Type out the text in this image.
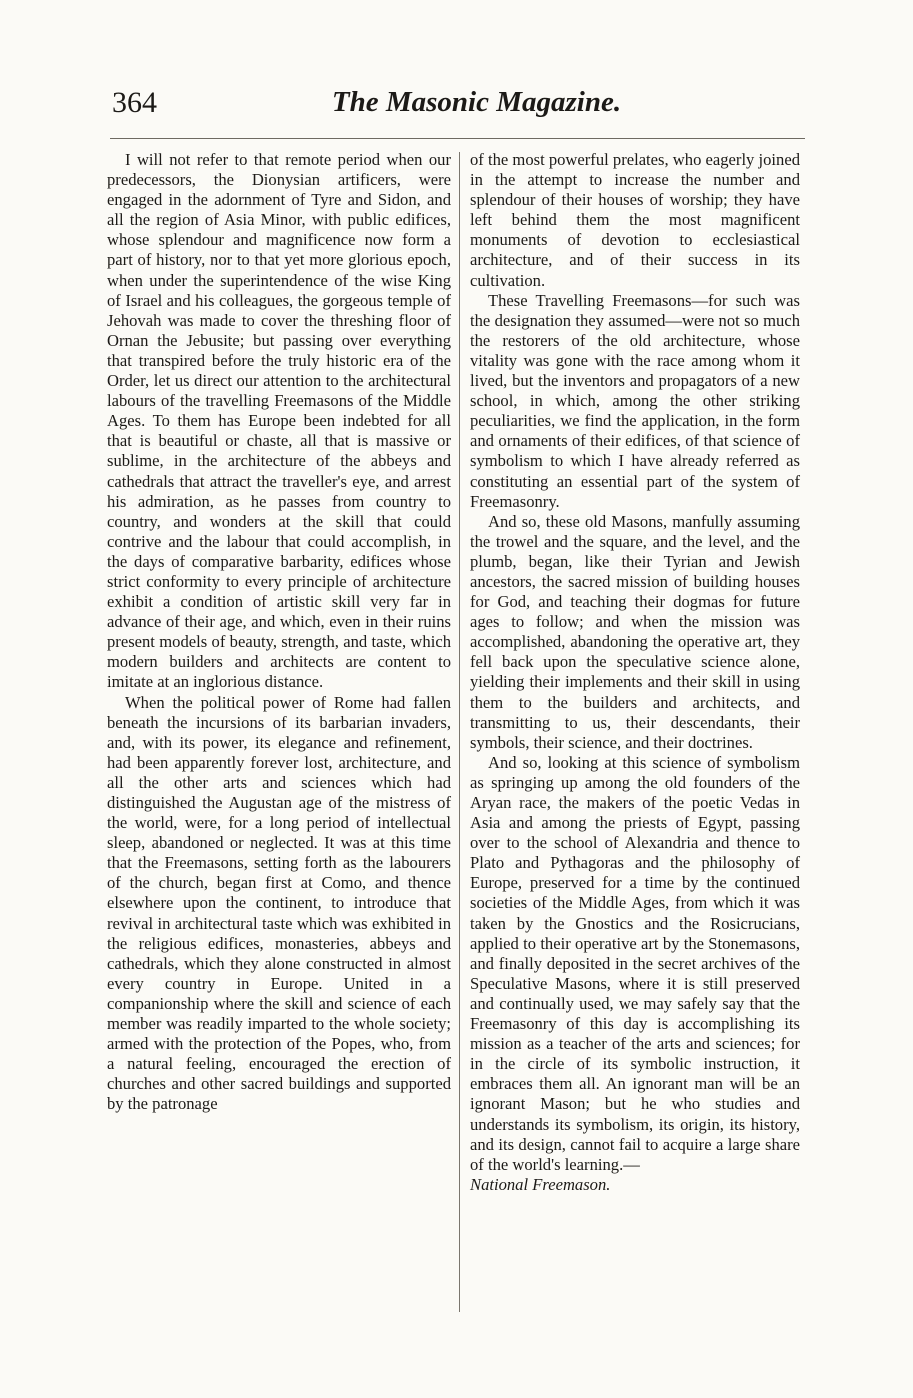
364	The Masonic Magazine.

I will not refer to that remote period when our predecessors, the Dionysian artificers, were engaged in the adornment of Tyre and Sidon, and all the region of Asia Minor, with public edifices, whose splendour and magnificence now form a part of history, nor to that yet more glorious epoch, when under the superintendence of the wise King of Israel and his colleagues, the gorgeous temple of Jehovah was made to cover the threshing floor of Ornan the Jebusite; but passing over everything that transpired before the truly historic era of the Order, let us direct our attention to the architectural labours of the travelling Freemasons of the Middle Ages. To them has Europe been indebted for all that is beautiful or chaste, all that is massive or sublime, in the architecture of the abbeys and cathedrals that attract the traveller's eye, and arrest his admiration, as he passes from country to country, and wonders at the skill that could contrive and the labour that could accomplish, in the days of comparative barbarity, edifices whose strict conformity to every principle of architecture exhibit a condition of artistic skill very far in advance of their age, and which, even in their ruins present models of beauty, strength, and taste, which modern builders and architects are content to imitate at an inglorious distance.

When the political power of Rome had fallen beneath the incursions of its barbarian invaders, and, with its power, its elegance and refinement, had been apparently forever lost, architecture, and all the other arts and sciences which had distinguished the Augustan age of the mistress of the world, were, for a long period of intellectual sleep, abandoned or neglected. It was at this time that the Freemasons, setting forth as the labourers of the church, began first at Como, and thence elsewhere upon the continent, to introduce that revival in architectural taste which was exhibited in the religious edifices, monasteries, abbeys and cathedrals, which they alone constructed in almost every country in Europe. United in a companionship where the skill and science of each member was readily imparted to the whole society; armed with the protection of the Popes, who, from a natural feeling, encouraged the erection of churches and other sacred buildings and supported by the patronage

of the most powerful prelates, who eagerly joined in the attempt to increase the number and splendour of their houses of worship; they have left behind them the most magnificent monuments of devotion to ecclesiastical architecture, and of their success in its cultivation.

These Travelling Freemasons—for such was the designation they assumed—were not so much the restorers of the old architecture, whose vitality was gone with the race among whom it lived, but the inventors and propagators of a new school, in which, among the other striking peculiarities, we find the application, in the form and ornaments of their edifices, of that science of symbolism to which I have already referred as constituting an essential part of the system of Freemasonry.

And so, these old Masons, manfully assuming the trowel and the square, and the level, and the plumb, began, like their Tyrian and Jewish ancestors, the sacred mission of building houses for God, and teaching their dogmas for future ages to follow; and when the mission was accomplished, abandoning the operative art, they fell back upon the speculative science alone, yielding their implements and their skill in using them to the builders and architects, and transmitting to us, their descendants, their symbols, their science, and their doctrines.

And so, looking at this science of symbolism as springing up among the old founders of the Aryan race, the makers of the poetic Vedas in Asia and among the priests of Egypt, passing over to the school of Alexandria and thence to Plato and Pythagoras and the philosophy of Europe, preserved for a time by the continued societies of the Middle Ages, from which it was taken by the Gnostics and the Rosicrucians, applied to their operative art by the Stonemasons, and finally deposited in the secret archives of the Speculative Masons, where it is still preserved and continually used, we may safely say that the Freemasonry of this day is accomplishing its mission as a teacher of the arts and sciences; for in the circle of its symbolic instruction, it embraces them all. An ignorant man will be an ignorant Mason; but he who studies and understands its symbolism, its origin, its history, and its design, cannot fail to acquire a large share of the world's learning.—

National Freemason.
